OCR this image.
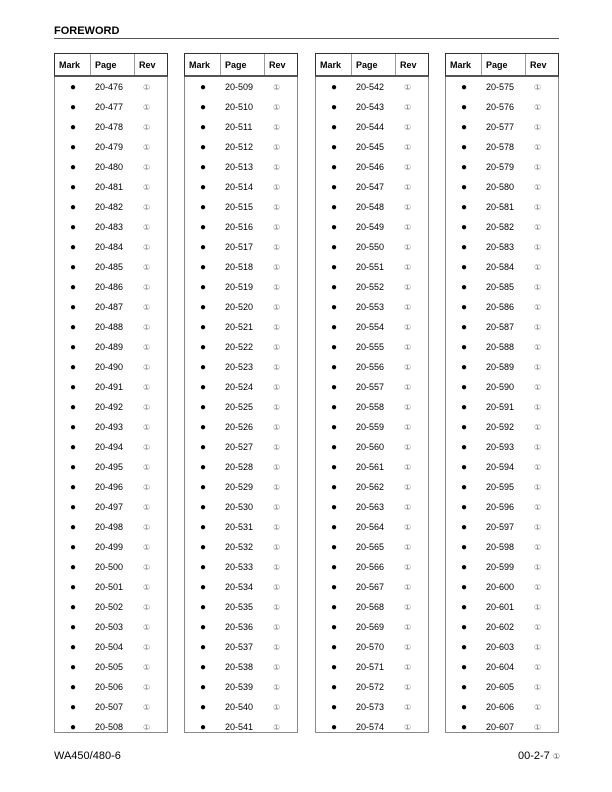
FOREWORD
Mark	Page	Rev
●	20-476	①
●	20-477	①
●	20-478	①
●	20-479	①
●	20-480	①
●	20-481	①
●	20-482	①
●	20-483	①
●	20-484	①
●	20-485	①
●	20-486	①
●	20-487	①
●	20-488	①
●	20-489	①
●	20-490	①
●	20-491	①
●	20-492	①
●	20-493	①
●	20-494	①
●	20-495	①
●	20-496	①
●	20-497	①
●	20-498	①
●	20-499	①
●	20-500	①
●	20-501	①
●	20-502	①
●	20-503	①
●	20-504	①
●	20-505	①
●	20-506	①
●	20-507	①
●	20-508	①
Mark	Page	Rev
●	20-509	①
●	20-510	①
●	20-511	①
●	20-512	①
●	20-513	①
●	20-514	①
●	20-515	①
●	20-516	①
●	20-517	①
●	20-518	①
●	20-519	①
●	20-520	①
●	20-521	①
●	20-522	①
●	20-523	①
●	20-524	①
●	20-525	①
●	20-526	①
●	20-527	①
●	20-528	①
●	20-529	①
●	20-530	①
●	20-531	①
●	20-532	①
●	20-533	①
●	20-534	①
●	20-535	①
●	20-536	①
●	20-537	①
●	20-538	①
●	20-539	①
●	20-540	①
●	20-541	①
Mark	Page	Rev
●	20-542	①
●	20-543	①
●	20-544	①
●	20-545	①
●	20-546	①
●	20-547	①
●	20-548	①
●	20-549	①
●	20-550	①
●	20-551	①
●	20-552	①
●	20-553	①
●	20-554	①
●	20-555	①
●	20-556	①
●	20-557	①
●	20-558	①
●	20-559	①
●	20-560	①
●	20-561	①
●	20-562	①
●	20-563	①
●	20-564	①
●	20-565	①
●	20-566	①
●	20-567	①
●	20-568	①
●	20-569	①
●	20-570	①
●	20-571	①
●	20-572	①
●	20-573	①
●	20-574	①
Mark	Page	Rev
●	20-575	①
●	20-576	①
●	20-577	①
●	20-578	①
●	20-579	①
●	20-580	①
●	20-581	①
●	20-582	①
●	20-583	①
●	20-584	①
●	20-585	①
●	20-586	①
●	20-587	①
●	20-588	①
●	20-589	①
●	20-590	①
●	20-591	①
●	20-592	①
●	20-593	①
●	20-594	①
●	20-595	①
●	20-596	①
●	20-597	①
●	20-598	①
●	20-599	①
●	20-600	①
●	20-601	①
●	20-602	①
●	20-603	①
●	20-604	①
●	20-605	①
●	20-606	①
●	20-607	①
WA450/480-6	00-2-7 ①
